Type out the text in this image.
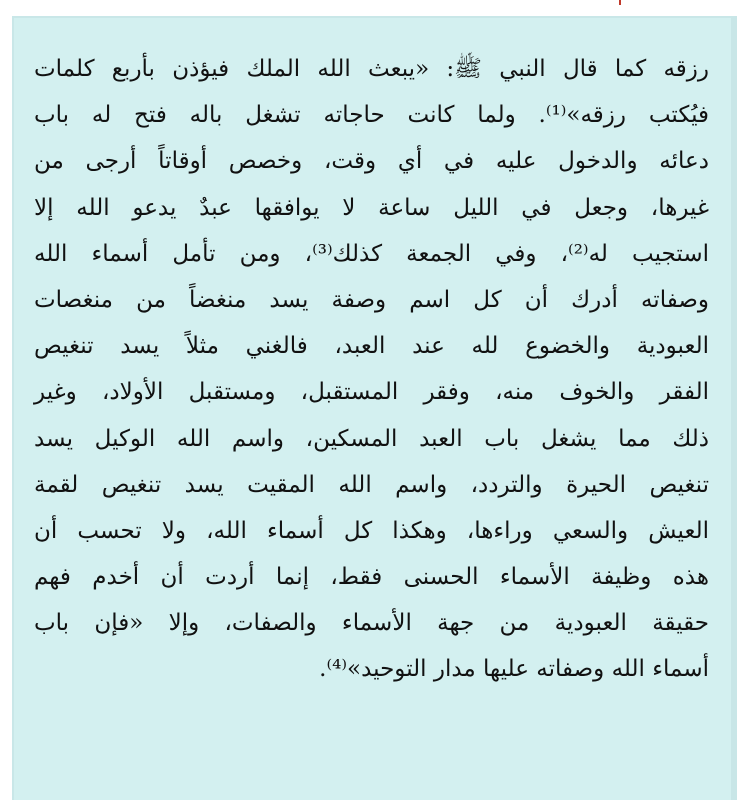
رزقه كما قال النبي ﷺ: «يبعث الله الملك فيؤذن بأربع كلمات
فيُكتب رزقه»⁽¹⁾. ولما كانت حاجاته تشغل باله فتح له باب
دعائه والدخول عليه في أي وقت، وخصص أوقاتاً أرجى من
غيرها، وجعل في الليل ساعة لا يوافقها عبدٌ يدعو الله إلا
استجيب له⁽²⁾، وفي الجمعة كذلك⁽³⁾، ومن تأمل أسماء الله
وصفاته أدرك أن كل اسم وصفة يسد منغضاً من منغصات
العبودية والخضوع لله عند العبد، فالغني مثلاً يسد تنغيص
الفقر والخوف منه، وفقر المستقبل، ومستقبل الأولاد، وغير
ذلك مما يشغل باب العبد المسكين، واسم الله الوكيل يسد
تنغيص الحيرة والتردد، واسم الله المقيت يسد تنغيص لقمة
العيش والسعي وراءها، وهكذا كل أسماء الله، ولا تحسب أن
هذه وظيفة الأسماء الحسنى فقط، إنما أردت أن أخدم فهم
حقيقة العبودية من جهة الأسماء والصفات، وإلا «فإن باب
أسماء الله وصفاته عليها مدار التوحيد»⁽⁴⁾.
